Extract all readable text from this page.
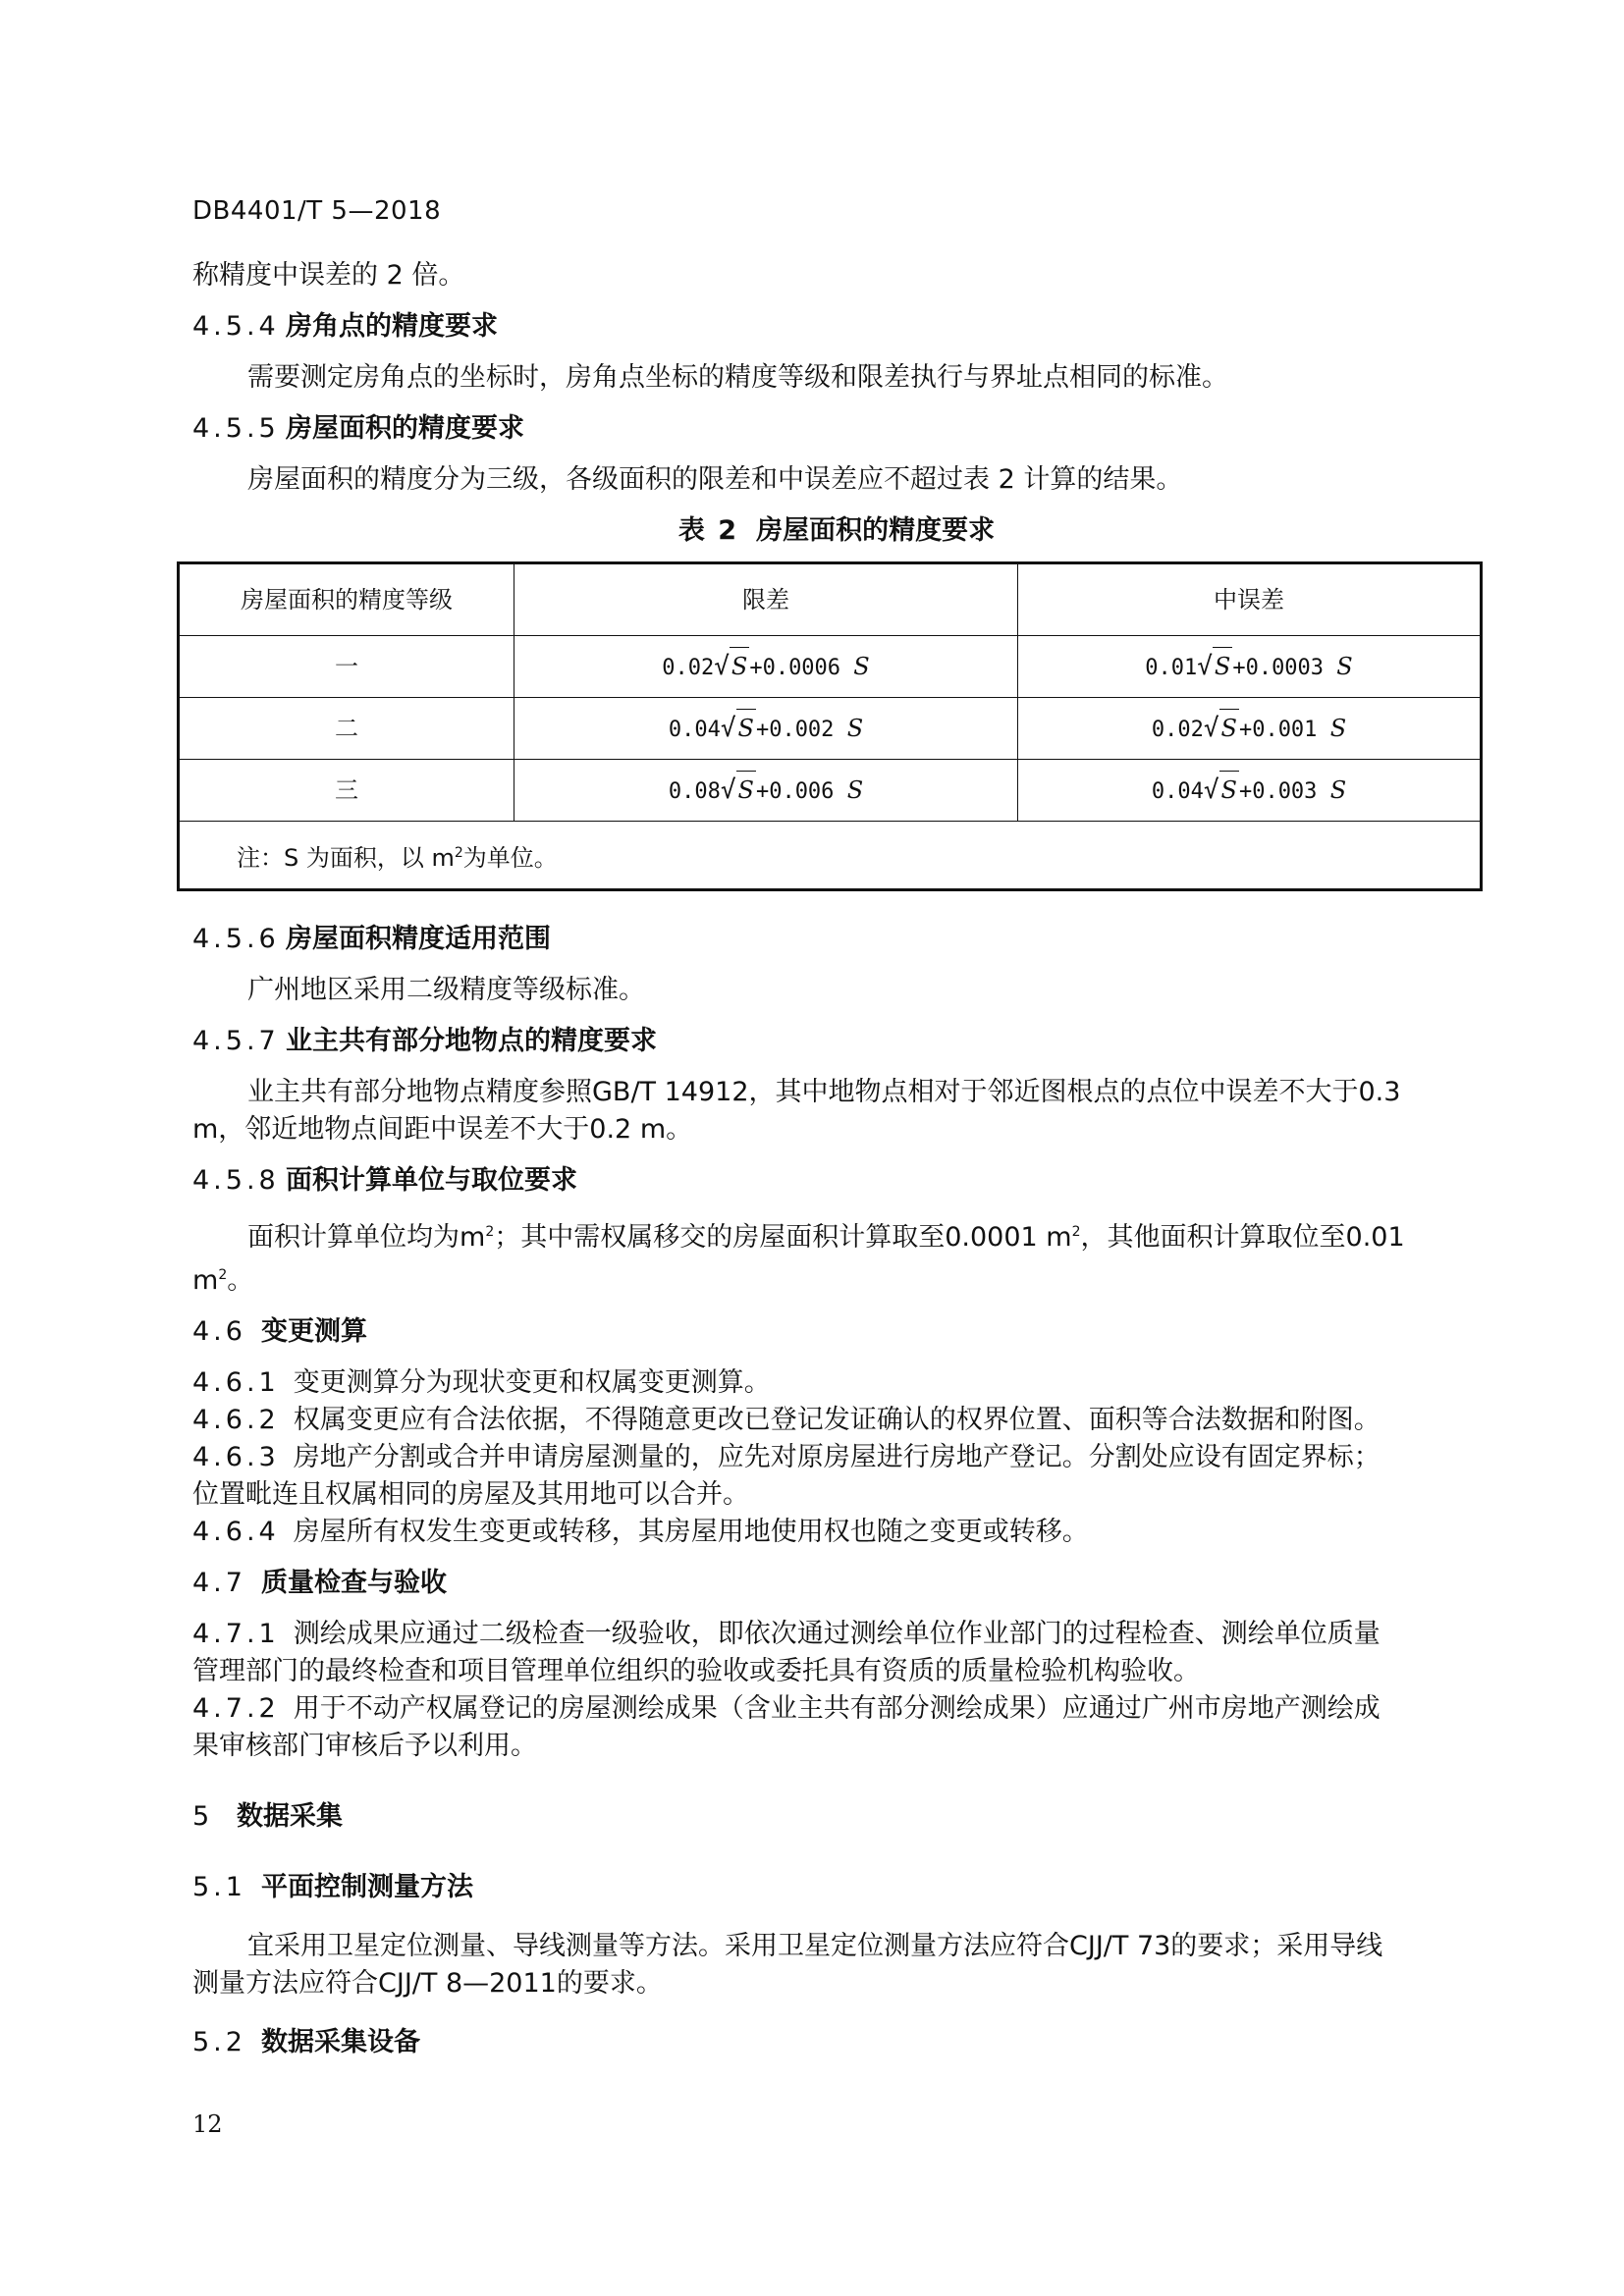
DB4401/T 5—2018

称精度中误差的 2 倍。

4.5.4 房角点的精度要求

需要测定房角点的坐标时，房角点坐标的精度等级和限差执行与界址点相同的标准。

4.5.5 房屋面积的精度要求

房屋面积的精度分为三级，各级面积的限差和中误差应不超过表 2 计算的结果。

表 2 房屋面积的精度要求
房屋面积的精度等级	限差	中误差
一	0.02 √ S +0.0006 S	0.01 √ S +0.0003 S
二	0.04 √ S +0.002 S	0.02 √ S +0.001 S
三	0.08 √ S +0.006 S	0.04 √ S +0.003 S
注：S 为面积，以 $m^2$为单位。		
4.5.6 房屋面积精度适用范围

广州地区采用二级精度等级标准。

4.5.7 业主共有部分地物点的精度要求

业主共有部分地物点精度参照GB/T 14912，其中地物点相对于邻近图根点的点位中误差不大于0.3

m，邻近地物点间距中误差不大于0.2 m。

4.5.8 面积计算单位与取位要求

面积计算单位均为$m^2$；其中需权属移交的房屋面积计算取至0.0001 $m^2$，其他面积计算取位至0.01

$m^2$。

4.6 变更测算

4.6.1 变更测算分为现状变更和权属变更测算。

4.6.2 权属变更应有合法依据，不得随意更改已登记发证确认的权界位置、面积等合法数据和附图。

4.6.3 房地产分割或合并申请房屋测量的，应先对原房屋进行房地产登记。分割处应设有固定界标；

位置毗连且权属相同的房屋及其用地可以合并。

4.6.4 房屋所有权发生变更或转移，其房屋用地使用权也随之变更或转移。

4.7 质量检查与验收

4.7.1 测绘成果应通过二级检查一级验收，即依次通过测绘单位作业部门的过程检查、测绘单位质量

管理部门的最终检查和项目管理单位组织的验收或委托具有资质的质量检验机构验收。

4.7.2 用于不动产权属登记的房屋测绘成果（含业主共有部分测绘成果）应通过广州市房地产测绘成

果审核部门审核后予以利用。

5 数据采集
5.1 平面控制测量方法

宜采用卫星定位测量、导线测量等方法。采用卫星定位测量方法应符合CJJ/T 73的要求；采用导线

测量方法应符合CJJ/T 8—2011的要求。

5.2 数据采集设备
12
